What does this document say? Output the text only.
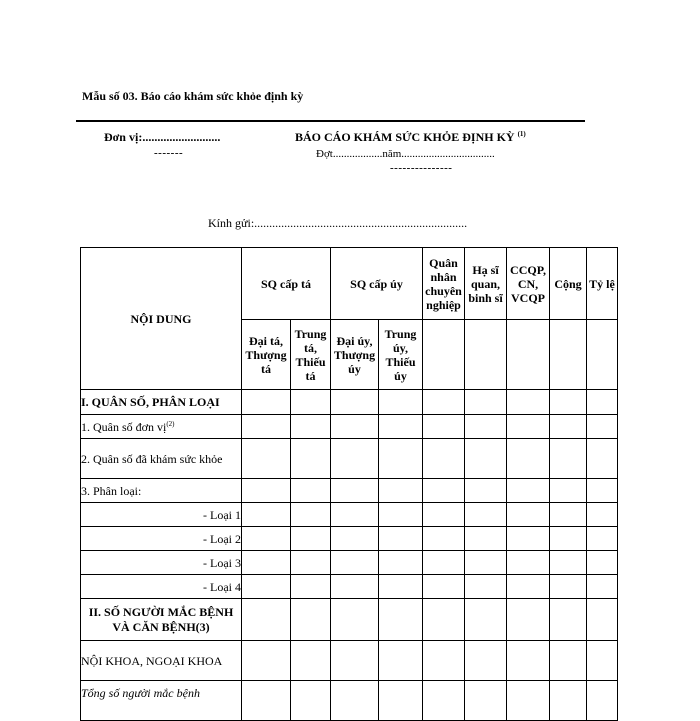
Mẫu số 03. Báo cáo khám sức khỏe định kỳ
Đơn vị:..........................
-------
BÁO CÁO KHÁM SỨC KHỎE ĐỊNH KỲ $^{(1)}$
Đợt..................năm..................................
---------------
Kính gửi:.......................................................................
NỘI DUNG	SQ cấp tá		SQ cấp úy		Quân nhân chuyên nghiệp	Hạ sĩ quan, binh sĩ	CCQP, CN, VCQP	Cộng	Tỷ lệ
	Đại tá, Thượng tá	Trung tá, Thiếu tá	Đại úy, Thượng úy	Trung úy, Thiếu úy					
I. QUÂN SỐ, PHÂN LOẠI									
1. Quân số đơn vị$^{(2)}$									
2. Quân số đã khám sức khỏe									
3. Phân loại:									
- Loại 1									
- Loại 2									
- Loại 3									
- Loại 4									
II. SỐ NGƯỜI MẮC BỆNH VÀ CĂN BỆNH(3)									
NỘI KHOA, NGOẠI KHOA									
Tổng số người mắc bệnh									
